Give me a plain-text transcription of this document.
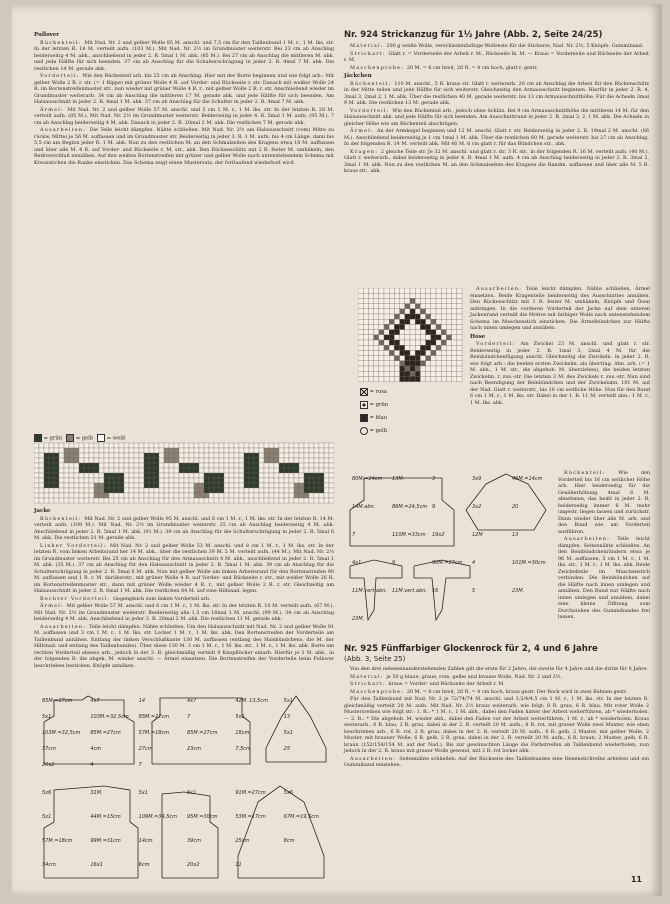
Pullover
Rückenteil: Mit Nad. Nr. 2 und gelber Wolle 85 M. anschl. und 7,5 cm für den Taillenbund 1 M. r., 1 M. lks. str. In der letzten R. 18 M. verteilt aufn. (103 M.). Mit Nad. Nr. 2½ im Grundmuster weiterstr. Bei 23 cm ab Anschlag beiderseitig 4 M. abk., anschließend in jeder 2. R. 5mal 1 M. abk. (85 M.). Bei 27 cm ab Anschlag die mittleren M. abk. und jede Hälfte für sich beenden. 37 cm ab Anschlag für die Schulterschrägung in jeder 2. R. 4mal 7 M. abk. Die restlichen 14 M. gerade abk.
Vorderteil: Wie den Rückenteil arb. bis 25 cm ab Anschlag. Hier mit der Borte beginnen und wie folgt arb.: Mit gelber Wolle 2 R. r. str. (= 1 Rippe) mit grüner Wolle 4 R. auf Vorder- und Rückseite r. str. Danach mit weißer Wolle 24 R. im Bortenstreifenmuster str., nun wieder mit grüner Wolle 4 R. r., mit gelber Wolle 2 R. r. str. Anschließend wieder im Grundmuster weiterarb. 34 cm ab Anschlag die mittleren 17 M. gerade abk. und jede Hälfte für sich beenden. Am Halsausschnitt in jeder 2. R. 4mal 1 M. abk. 37 cm ab Anschlag für die Schulter in jeder 2. R. 4mal 7 M. abk.
Ärmel: Mit Nad. Nr. 2 und gelber Wolle 57 M. anschl. und 3 cm 1 M. r., 1 M. lks. str. In der letzten R. 28 M. verteilt aufn. (85 M.). Mit Nad. Nr. 2½ im Grundmuster weiterstr. Beiderseitig in jeder 4. R. 5mal 1 M. aufn. (95 M.). 7 cm ab Anschlag beiderseitig 4 M. abk. Danach in jeder 2. R. 20mal 2 M. abk. Die restlichen 7 M. gerade abk.
Ausarbeiten: Die Teile leicht dämpfen. Nähte schließen. Mit Nad. Nr. 2½ am Halsausschnitt (vom) Mitte zu rückw. Mitte) je 56 M. auffassen und im Grundmuster str. Beiderseitig in jeder 3. R. 1 M. aufn. bis 4 cm Länge, dann bis 5,5 cm am Beginn jeder R. 1 M. abk. Nun zu den restlichen M. an den Schmalseiten des Kragens etwa 18 M. auffassen und über alle M. 4 R. auf Vorder- und Rückseite r. M. str., abk. Den Rückenschlitz mit 2 R. fester M. umhäkeln, den Reißverschluß einnähen. Auf den weißen Bortenstreifen mit grüner und gelber Wolle nach untenstehendem Schema mit Kreuzstichen die Ranke einsticken. Das Schema zeigt einen Mustersatz, der fortlaufend wiederholt wird.
= grün	= gelb	= weiß
Jacke
Rückenteil: Mit Nad. Nr. 2 und gelber Wolle 95 M. anschl. und 8 cm 1 M. r., 1 M. lks. str. In der letzten R. 14 M. verteilt aufn. (109 M.). Mit Nad. Nr. 2½ im Grundmuster weiterstr. 25 cm ab Anschlag beiderseitig 4 M. abk. Anschließend in jeder 2. R. 5mal 1 M. abk. (91 M.). 39 cm ab Anschlag für die Schulterschrägung in jeder 2. R. 5mal 6 M. abk. Die restlichen 31 M. gerade abk.
Linker Vorderteil: Mit Nad. Nr. 2 und gelber Wolle 53 M. anschl. und 8 cm 1 M. r., 1 M. lks. str. In der letzten R. vom linken Arbeitsrand her 14 M. abk., über die restlichen 39 M. 5 M. verteilt aufn. (44 M.). Mit Nad. Nr. 2½ im Grundmuster weiterstr. Bei 25 cm ab Anschlag für den Armausschnitt 4 M. abk., anschließend in jeder 2. R. 5mal 1 M. abk. (35 M.). 37 cm ab Anschlag für den Halsausschnitt in jeder 2. R. 5mal 1 M. abk. 39 cm ab Anschlag für die Schulterschrägung in jeder 2. R. 5mal 6 M. abk. Nun mit gelber Wolle am linken Arbeitsrand für den Bortenstreifen 90 M. auffassen und 1 R. r. M. darüberstr., mit grüner Wolle 4 R. auf Vorder- und Rückseite r. str., mit weißer Wolle 26 R. im Bortenstreifenmuster str., dann mit grüner Wolle wieder 4 R. r., mit gelber Wolle 2 R. r. str. Gleichzeitig am Halsausschnitt in jeder 2. R. 6mal 1 M. abk. Die restlichen 84 M. auf eine Hilfsnad. legen.
Rechter Vorderteil: Gegengleich zum linken Vorderteil arb.
Ärmel: Mit gelber Wolle 57 M. anschl. und 6 cm 1 M. r., 1 M. lks. str. In der letzten R. 10 M. verteilt aufn. (67 M.). Mit Nad. Nr. 2½ im Grundmuster weiterstr. Beiderseitig alle 1,5 cm 16mal 1 M. anschl. (99 M.). 34 cm ab Anschlag beiderseitig 4 M. abk. Anschließend in jeder 2. R. 20mal 2 M. abk. Die restlichen 11 M. gerade abk.
Ausarbeiten: Teile leicht dämpfen. Nähte schließen. Um den Halsausschnitt mit Nad. Nr. 2 und gelber Wolle 91 M. auffassen und 3 cm 1 M. r., 1 M. lks. str. Locker 1 M. r., 1 M. lks. abk. Den Bortenstreifen der Vorderteile am Taillenbund annähen. Entlang der linken Verschlußkante 130 M. auffassen (entlang des Halsbündchens, die M. der Hilfsnad. und entlang des Taillenbundes). Über diese 130 M. 3 cm 1 M. r., 1 M. lks. str., 1 M. r., 1 M. lks. abk. Borte am rechten Vorderteil ebenso arb., jedoch in der 3. R. gleichmäßig verteilt 9 Knopflöcher einarb. Hierfür je 3 M. abk., in der folgenden R. die abgek. M. wieder anschl. — Ärmel einsetzen. Die Bortenstreifen der Vorderteile beim Pullover beschrieben besticken. Knöpfe annähen.
85M.=27cm	4x7	14	4x7	42M. 13,5cm	5x1
5x1	103M.=32,5cm 85M.=27cm	7	5x1	13
103M.=32,5cm 85M.=27cm	57M.=18cm	85M.=27cm	18cm	5x1
37cm	4cm	27cm	23cm	7,5cm	25
20x2	4	7
5x6	31M.	5x1	6x1	91M.=27cm	5x6
5x1	44M.=15cm	109M.=34,5cm 95M.=30cm	53M.=17cm	67M.=19,5cm
57M.=18cm	99M.=31cm	14cm	39cm	25cm	8cm
34cm	16x1	6cm	20x2	11
Nr. 924 Strickanzug für 1½ Jahre (Abb. 2, Seite 24/25)
Material: 200 g weiße Wolle, verschiedenfarbige Wollreste für die Stickerei, Nad. Nr. 2½, 5 Knöpfe, Gummiband.
Strickart: Glatt r. = Vorderseite der Arbeit r. M., Rückseite lk. M. — Kraus = Vorderseite und Rückseite der Arbeit r. M.
Maschenprobe: 20 M. = 6 cm breit, 20 R. = 4 cm hoch, glatt r. gestr.
Jäckchen
Rückenteil: 110 M. anschl., 5 R. kraus str. Glatt r. weiterarb. 20 cm ab Anschlag die Arbeit für den Rückenschlitz in der Mitte teilen und jede Hälfte für sich weiterstr. Gleichzeitig den Armausschnitt beginnen. Hierfür in jeder 2. R. 4, 3mal 3, 2mal 2, 1 M. abk. Über die restlichen 40 M. gerade weiterstr. bis 13 cm Armausschnitthöhe. Für die Achseln 3mal 9 M. abk. Die restlichen 13 M. gerade abk.
Vorderteil: Wie den Rückenteil arb., jedoch ohne Schlitz. Bei 9 cm Armausschnitthöhe die mittleren 14 M. für den Halsausschnitt abk. und jede Hälfte für sich beenden. Am Ausschnittrand in jeder 2. R. 2mal 3, 2, 1 M. abk. Die Achseln in gleicher Höhe wie am Rückenteil abschrägen.
Ärmel: An der Armkugel beginnen und 12 M. anschl. Glatt r. str. Beiderseitig in jeder 2. R. 19mal 2 M. anschl. (86 M.). Anschließend beiderseitig je 1 cm 1mal 1 M. abk. Über die restlichen 60 M. gerade weiterstr. bis 27 cm ab Anschlag. In der folgenden R. 14 M. verteilt abk. Mit 46 M. 6 cm glatt r. für das Bündchen str., abk.
Kragen: 2 gleiche Teile str. Je 32 M. anschl. und glatt r. str. 3 R. str., in der folgenden R. 16 M. verteilt aufn. (40 M.). Glatt r. weiterarb., dabei beiderseitig in jeder 4. R. 4mal 1 M. aufn. 4 cm ab Anschlag beiderseitig in jeder 2. R. 3mal 2, 3mal 1 M. abk. Nun zu den restlichen M. an den Schmalseiten des Kragens die Randm. auffassen und über alle M. 5 R. kraus str., abk.
= rosa
= grün
= blau
= gelb
Ausarbeiten: Teile leicht dämpfen. Nähte schließen, Ärmel einsetzen. Beide Kragenteile beiderseitig des Ausschnittes annähen. Den Rückenschlitz mit 1 R. fester M. umhäkeln, Knöpfe und Ösen anbringen. In die vorderen Vorderteil der Jacke auf dem unteren Jackenrand verteilt die Motive mit farbiger Wolle nach untenstehendem Schema im Maschenstich einsticken. Die Ärmelbündchen zur Hälfte nach innen umlegen und annähen.
Hose
Vorderteil: Am Zwickel 23 M. anschl. und glatt r. str. Beiderseitig in jeder 2. R. 1mal 3, 2mal 4 M. für die Beinbündchenfügung anschl. Gleichzeitig die Zwickeln. in jeder 2. R. wie folgt arb.: die beiden ersten Zwickelm. als übertrag. Abn. arb. (= 1 M. abh., 1 M. str., die abgehob. M. überziehen), die beiden letzten Zwickelm. r. zus.-str. Die letzten 3 M. des Zwickels r. zus.-str. Nun sind nach Beendigung der Beinbündchen und der Zwickelabn. 101 M. auf der Nad. Glatt r. weiterstr., bis 16 cm seitliche Höhe. Nun für den Bund 6 cm 1 M. r., 1 M. lks. str. Dabei in der 1. R. 11 M. verteilt abn.: 1 M. r., 1 M. lks. abk.
Rückenteil:	Wie den Vorderteil bis 16 cm seitlicher Höhe arb. Hier beiderseitig für die Gesäßerhöhung 4mal 6 M. abnehmen, das heißt in jeder 2. R. beiderseitig immer 6 M. mehr ungestr. liegen lassen und zurückstr. Dann wieder über alle M. arb. und den Bund wie am Vorderteil ausführen.
Ausarbeiten: Teile leicht dämpfen. Seitennähte schließen. An den Beinbündchenrändern etwa je 96 M. auffassen, 5 cm 1 M. r., 1 M. lks. str., 1 M. r., 1 M. lks. abk. Beide Zwickelteile im Maschenstich verbinden. Die Beinbündchen auf die Hälfte nach innen umlegen und annähen. Den Bund nur Hälfte nach innen umlegen und annähen, dabei eine kleine Öffnung zum Durchziehen des Gummibandes frei lassen.
80M.=24cm 13M.	3	3x9	46M.=14cm
14M.abn.	86M.=24,5cm 9	3x2	20
7	110M.=33cm 19x2	12M	13
4x1	9	90M.=27cm 4	101M.=30cm
11M.vert.abn. 11M.vert.abn. 16	5	23M.
23M.
Nr. 925 Fünffarbiger Glockenrock für 2, 4 und 6 Jahre
(Abb. 3, Seite 25)
Von den drei nebeneinanderstehenden Zahlen gilt die erste für 2 Jahre, die zweite für 4 Jahre und die dritte für 6 Jahre.
Material: je 50 g blaue, graue, rote, gelbe und braune Wolle, Nad. Nr. 2 und 2½.
Strickart: kraus = Vorder- und Rückseite der Arbeit r. M.
Maschenprobe: 20 M. = 8 cm breit, 20 R. = 4 cm hoch, kraus gestr. Der Rock wird in zwei Bahnen gestr.
Für den Taillenbund mit Nad. Nr. 2 je 72/74/74 M. anschl. und 3,5/4/4,5 cm 1 M. r., 1 M. lks. str. In der letzten R. gleichmäßig verteilt 20 M. aufn. Mit Nad. Nr. 2½ kraus weiterarb. wie folgt: 8 R. grau, 6 R. blau. Mit roter Wolle 2 Mustersreihen wie folgt str.: 1. R.: * 1 M. r., 1 M. abh., dabei den Faden hinter der Arbeit weiterführen, ab * wiederholen. — 2. R.: * Die abgehob. M. wieder abh., dabei den Faden vor der Arbeit weiterführen, 1 M. r., ab * wiederholen. Kraus weiterarb., 6 R. blau, 2 R. grau, dabei in der 2. R. verteilt 20 M. aufn.; 8 R. rot, mit grauer Wolle zwei Muster, wie oben beschrieben arb., 6 R. rot, 2 R. grau, dabei in der 2. R. verteilt 20 M. aufn., 6 R. gelb, 2 Muster, mit gelber Wolle, 2 Muster, mit brauner Wolle, 6 R. gelb, 2 R. grau, dabei in der 2. R. verteilt 20 M. aufn., 6 R. braun, 2 Muster, gelb, 6 R. braun (152/154/154 M. auf der Nad.). Bis zur gewünschten Länge die Farbstreifen ab Taillenbund wiederholen, nun jedoch in der 2. R. kraus mit grauer Wolle gewend, mit 2 R. rot locker abk.
Ausarbeiten: Seitennähte schließen. Auf der Rückseite des Taillenbundes eine Hexenstichreihe arbeiten und ein Gummiband einziehen.
11
